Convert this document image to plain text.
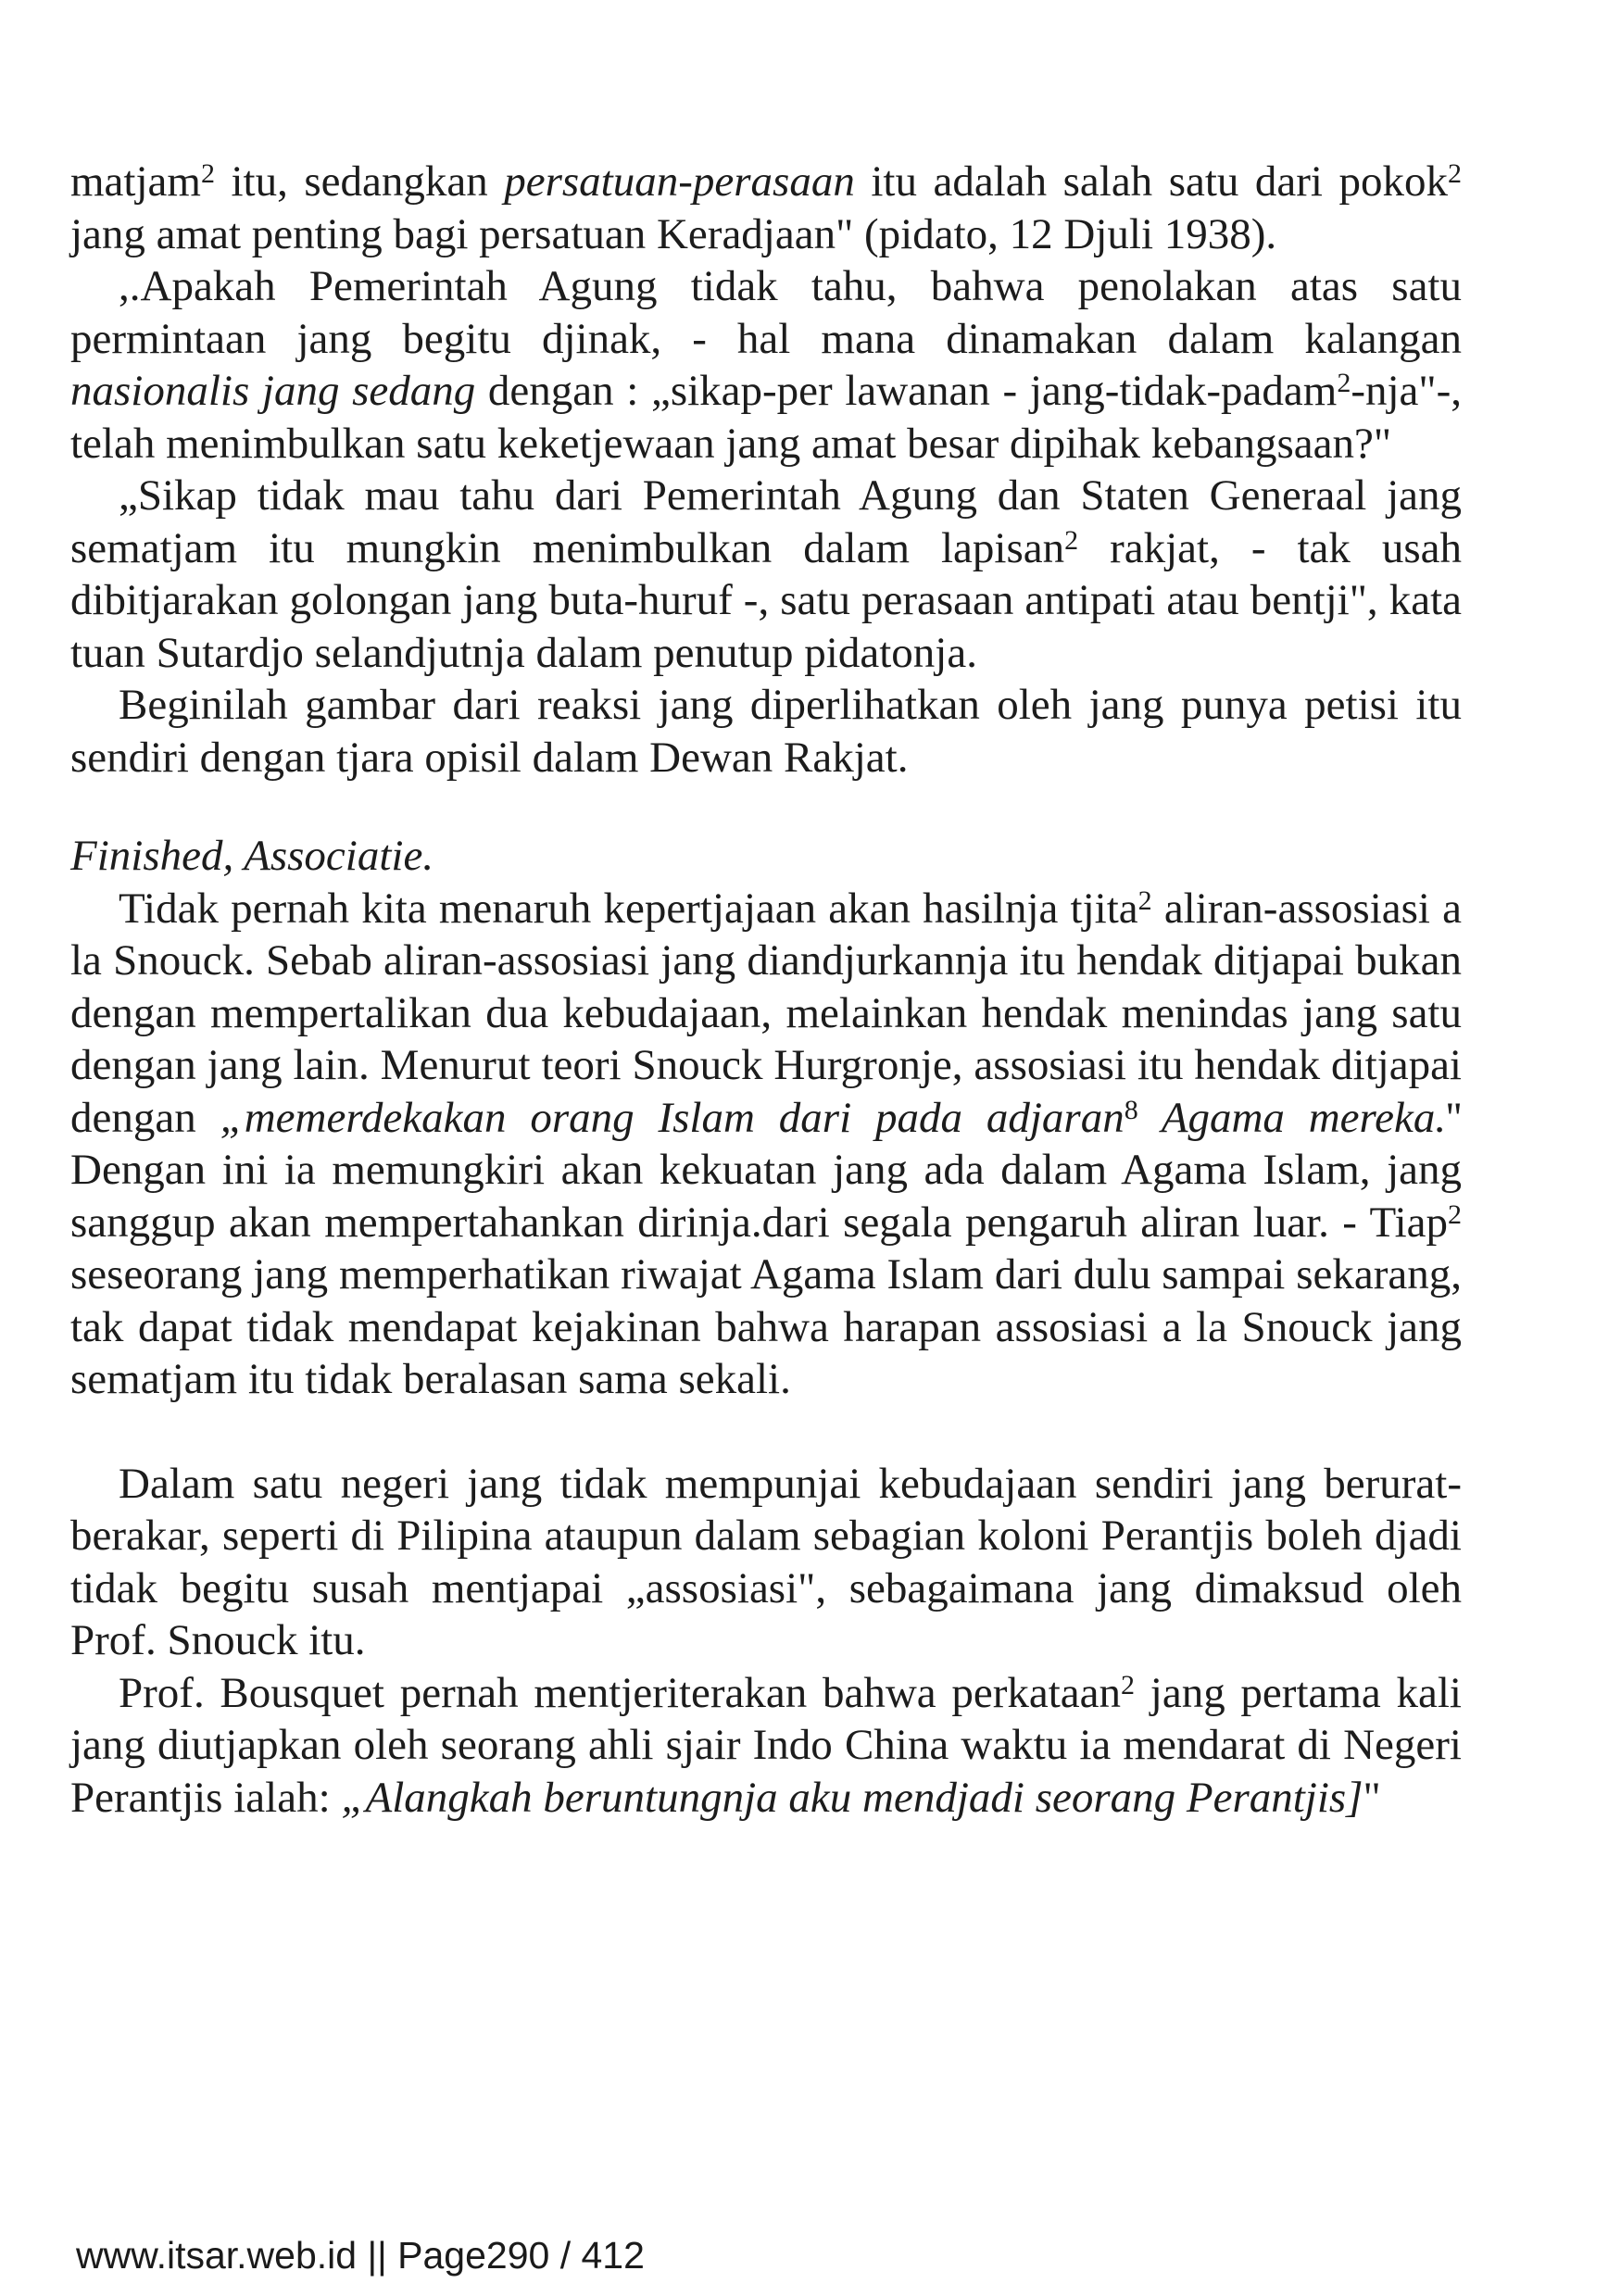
matjam$^2$ itu, sedangkan persatuan-perasaan itu adalah salah satu dari pokok$^2$ jang amat penting bagi persatuan Keradjaan" (pidato, 12 Djuli 1938).

,.Apakah Pemerintah Agung tidak tahu, bahwa penolakan atas satu permintaan jang begitu djinak, - hal mana dinamakan dalam kalangan nasionalis jang sedang dengan : „sikap-per lawanan - jang-tidak-padam$^2$-nja"-, telah menimbulkan satu keketjewaan jang amat besar dipihak kebangsaan?"

„Sikap tidak mau tahu dari Pemerintah Agung dan Staten Generaal jang sematjam itu mungkin menimbulkan dalam lapisan$^2$ rakjat, - tak usah dibitjarakan golongan jang buta-huruf -, satu perasaan antipati atau bentji", kata tuan Sutardjo selandjutnja dalam penutup pidatonja.

Beginilah gambar dari reaksi jang diperlihatkan oleh jang punya petisi itu sendiri dengan tjara opisil dalam Dewan Rakjat.

Finished, Associatie.

Tidak pernah kita menaruh kepertjajaan akan hasilnja tjita$^2$ aliran-assosiasi a la Snouck. Sebab aliran-assosiasi jang diandjurkannja itu hendak ditjapai bukan dengan mempertalikan dua kebudajaan, melainkan hendak menindas jang satu dengan jang lain. Menurut teori Snouck Hurgronje, assosiasi itu hendak ditjapai dengan „memerdekakan orang Islam dari pada adjaran$^8$ Agama mereka.'' Dengan ini ia memungkiri akan kekuatan jang ada dalam Agama Islam, jang sanggup akan mempertahankan dirinja.dari segala pengaruh aliran luar. - Tiap$^2$ seseorang jang memperhatikan riwajat Agama Islam dari dulu sampai sekarang, tak dapat tidak mendapat kejakinan bahwa harapan assosiasi a la Snouck jang sematjam itu tidak beralasan sama sekali.

Dalam satu negeri jang tidak mempunjai kebudajaan sendiri jang berurat-berakar, seperti di Pilipina ataupun dalam sebagian koloni Perantjis boleh djadi tidak begitu susah mentjapai „assosiasi", sebagaimana jang dimaksud oleh Prof. Snouck itu.

Prof. Bousquet pernah mentjeriterakan bahwa perkataan$^2$ jang pertama kali jang diutjapkan oleh seorang ahli sjair Indo China waktu ia mendarat di Negeri Perantjis ialah: „Alangkah beruntungnja aku mendjadi seorang Perantjis]"

www.itsar.web.id || Page290 / 412
